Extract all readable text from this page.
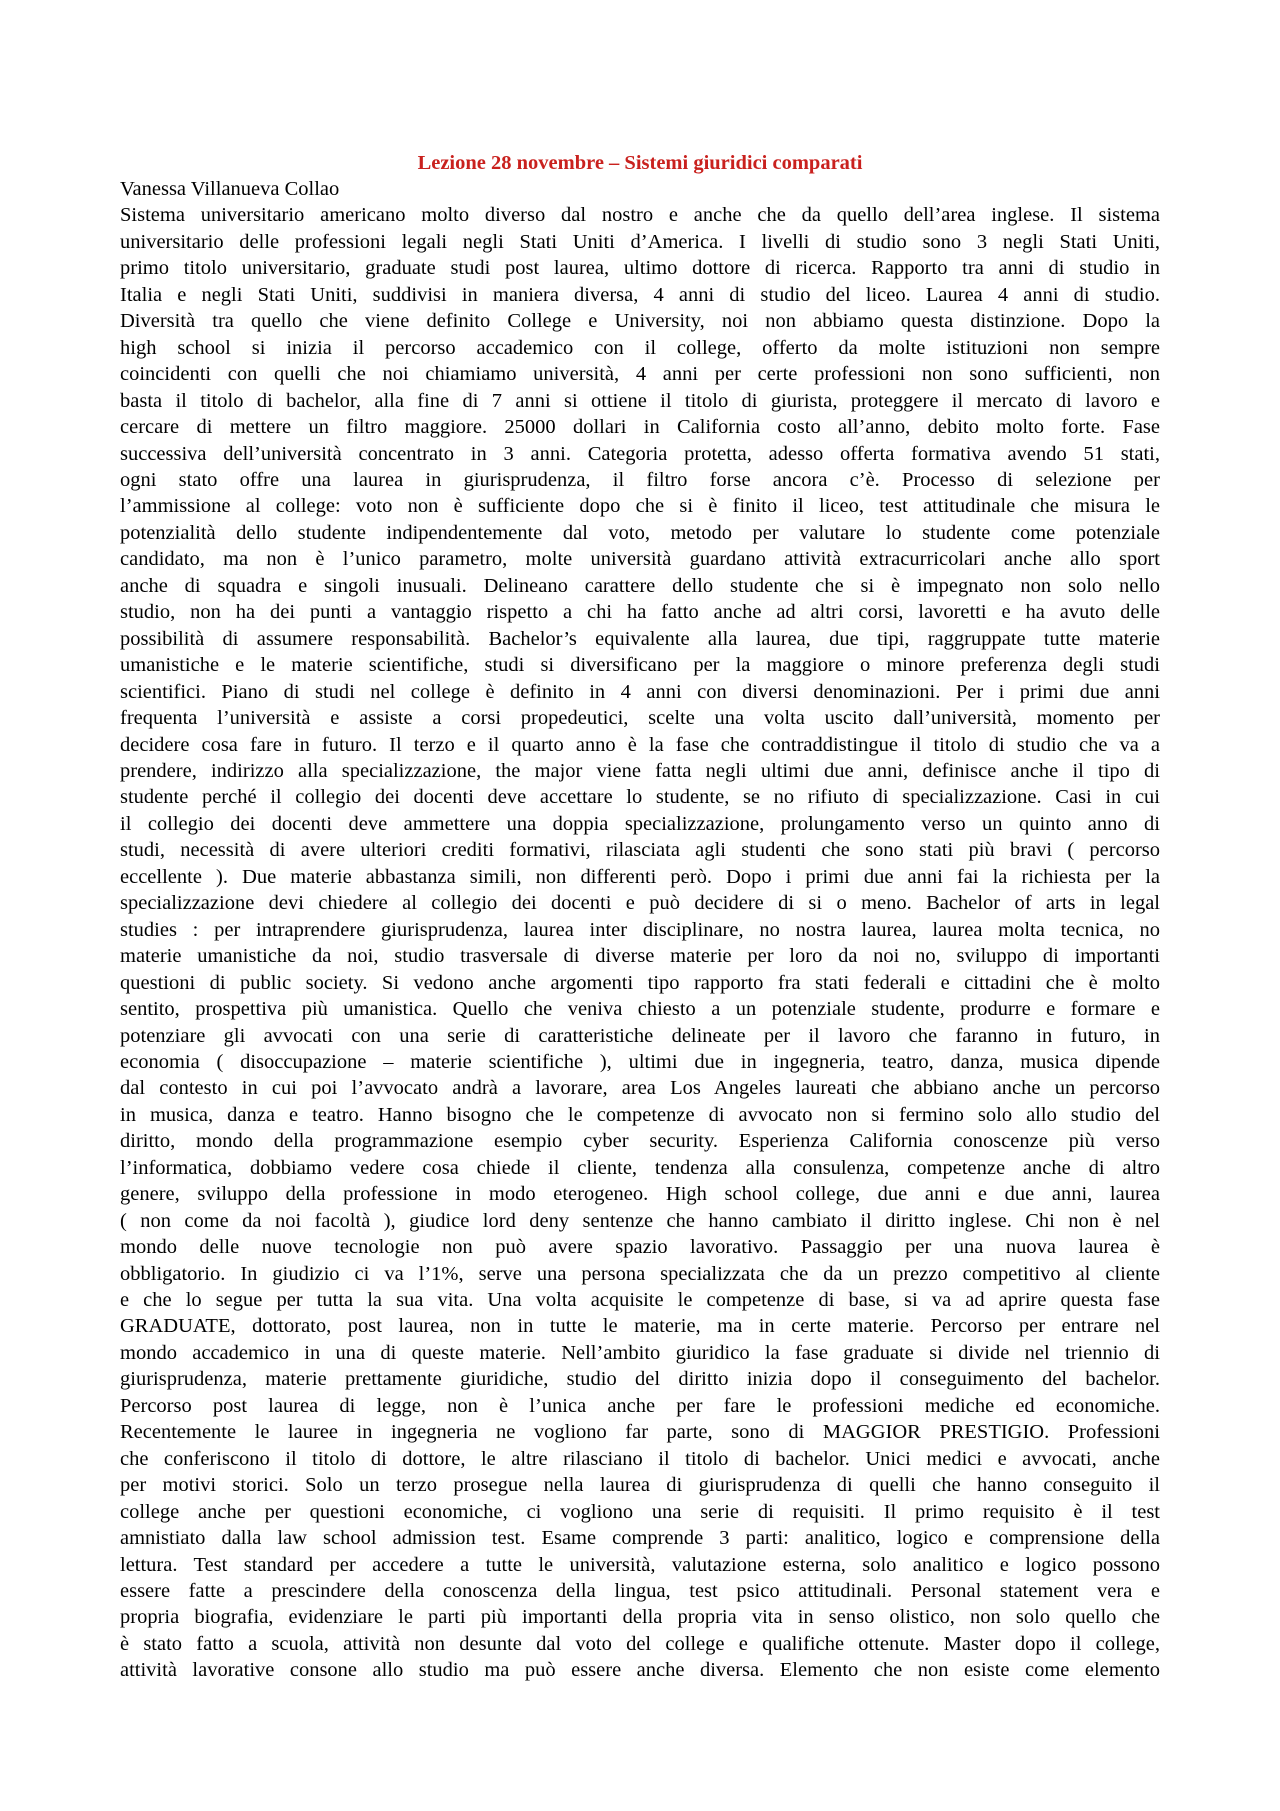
Lezione 28 novembre – Sistemi giuridici comparati
Vanessa Villanueva Collao
Sistema universitario americano molto diverso dal nostro e anche che da quello dell’area inglese. Il sistema
universitario delle professioni legali negli Stati Uniti d’America. I livelli di studio sono 3 negli Stati Uniti,
primo titolo universitario, graduate studi post laurea, ultimo dottore di ricerca. Rapporto tra anni di studio in
Italia e negli Stati Uniti, suddivisi in maniera diversa, 4 anni di studio del liceo. Laurea 4 anni di studio.
Diversità tra quello che viene definito College e University, noi non abbiamo questa distinzione. Dopo la
high school si inizia il percorso accademico con il college, offerto da molte istituzioni non sempre
coincidenti con quelli che noi chiamiamo università, 4 anni per certe professioni non sono sufficienti, non
basta il titolo di bachelor, alla fine di 7 anni si ottiene il titolo di giurista, proteggere il mercato di lavoro e
cercare di mettere un filtro maggiore. 25000 dollari in California costo all’anno, debito molto forte. Fase
successiva dell’università concentrato in 3 anni. Categoria protetta, adesso offerta formativa avendo 51 stati,
ogni stato offre una laurea in giurisprudenza, il filtro forse ancora c’è. Processo di selezione per
l’ammissione al college: voto non è sufficiente dopo che si è finito il liceo, test attitudinale che misura le
potenzialità dello studente indipendentemente dal voto, metodo per valutare lo studente come potenziale
candidato, ma non è l’unico parametro, molte università guardano attività extracurricolari anche allo sport
anche di squadra e singoli inusuali. Delineano carattere dello studente che si è impegnato non solo nello
studio, non ha dei punti a vantaggio rispetto a chi ha fatto anche ad altri corsi, lavoretti e ha avuto delle
possibilità di assumere responsabilità. Bachelor’s equivalente alla laurea, due tipi, raggruppate tutte materie
umanistiche e le materie scientifiche, studi si diversificano per la maggiore o minore preferenza degli studi
scientifici. Piano di studi nel college è definito in 4 anni con diversi denominazioni. Per i primi due anni
frequenta l’università e assiste a corsi propedeutici, scelte una volta uscito dall’università, momento per
decidere cosa fare in futuro. Il terzo e il quarto anno è la fase che contraddistingue il titolo di studio che va a
prendere, indirizzo alla specializzazione, the major viene fatta negli ultimi due anni, definisce anche il tipo di
studente perché il collegio dei docenti deve accettare lo studente, se no rifiuto di specializzazione. Casi in cui
il collegio dei docenti deve ammettere una doppia specializzazione, prolungamento verso un quinto anno di
studi, necessità di avere ulteriori crediti formativi, rilasciata agli studenti che sono stati più bravi ( percorso
eccellente ). Due materie abbastanza simili, non differenti però. Dopo i primi due anni fai la richiesta per la
specializzazione devi chiedere al collegio dei docenti e può decidere di si o meno. Bachelor of arts in legal
studies : per intraprendere giurisprudenza, laurea inter disciplinare, no nostra laurea, laurea molta tecnica, no
materie umanistiche da noi, studio trasversale di diverse materie per loro da noi no, sviluppo di importanti
questioni di public society. Si vedono anche argomenti tipo rapporto fra stati federali e cittadini che è molto
sentito, prospettiva più umanistica. Quello che veniva chiesto a un potenziale studente, produrre e formare e
potenziare gli avvocati con una serie di caratteristiche delineate per il lavoro che faranno in futuro, in
economia ( disoccupazione – materie scientifiche ), ultimi due in ingegneria, teatro, danza, musica dipende
dal contesto in cui poi l’avvocato andrà a lavorare, area Los Angeles laureati che abbiano anche un percorso
in musica, danza e teatro. Hanno bisogno che le competenze di avvocato non si fermino solo allo studio del
diritto, mondo della programmazione esempio cyber security. Esperienza California conoscenze più verso
l’informatica, dobbiamo vedere cosa chiede il cliente, tendenza alla consulenza, competenze anche di altro
genere, sviluppo della professione in modo eterogeneo. High school college, due anni e due anni, laurea
( non come da noi facoltà ), giudice lord deny sentenze che hanno cambiato il diritto inglese. Chi non è nel
mondo delle nuove tecnologie non può avere spazio lavorativo. Passaggio per una nuova laurea è
obbligatorio. In giudizio ci va l’1%, serve una persona specializzata che da un prezzo competitivo al cliente
e che lo segue per tutta la sua vita. Una volta acquisite le competenze di base, si va ad aprire questa fase
GRADUATE, dottorato, post laurea, non in tutte le materie, ma in certe materie. Percorso per entrare nel
mondo accademico in una di queste materie. Nell’ambito giuridico la fase graduate si divide nel triennio di
giurisprudenza, materie prettamente giuridiche, studio del diritto inizia dopo il conseguimento del bachelor.
Percorso post laurea di legge, non è l’unica anche per fare le professioni mediche ed economiche.
Recentemente le lauree in ingegneria ne vogliono far parte, sono di MAGGIOR PRESTIGIO. Professioni
che conferiscono il titolo di dottore, le altre rilasciano il titolo di bachelor. Unici medici e avvocati, anche
per motivi storici. Solo un terzo prosegue nella laurea di giurisprudenza di quelli che hanno conseguito il
college anche per questioni economiche, ci vogliono una serie di requisiti. Il primo requisito è il test
amnistiato dalla law school admission test. Esame comprende 3 parti: analitico, logico e comprensione della
lettura. Test standard per accedere a tutte le università, valutazione esterna, solo analitico e logico possono
essere fatte a prescindere della conoscenza della lingua, test psico attitudinali. Personal statement vera e
propria biografia, evidenziare le parti più importanti della propria vita in senso olistico, non solo quello che
è stato fatto a scuola, attività non desunte dal voto del college e qualifiche ottenute. Master dopo il college,
attività lavorative consone allo studio ma può essere anche diversa. Elemento che non esiste come elemento
